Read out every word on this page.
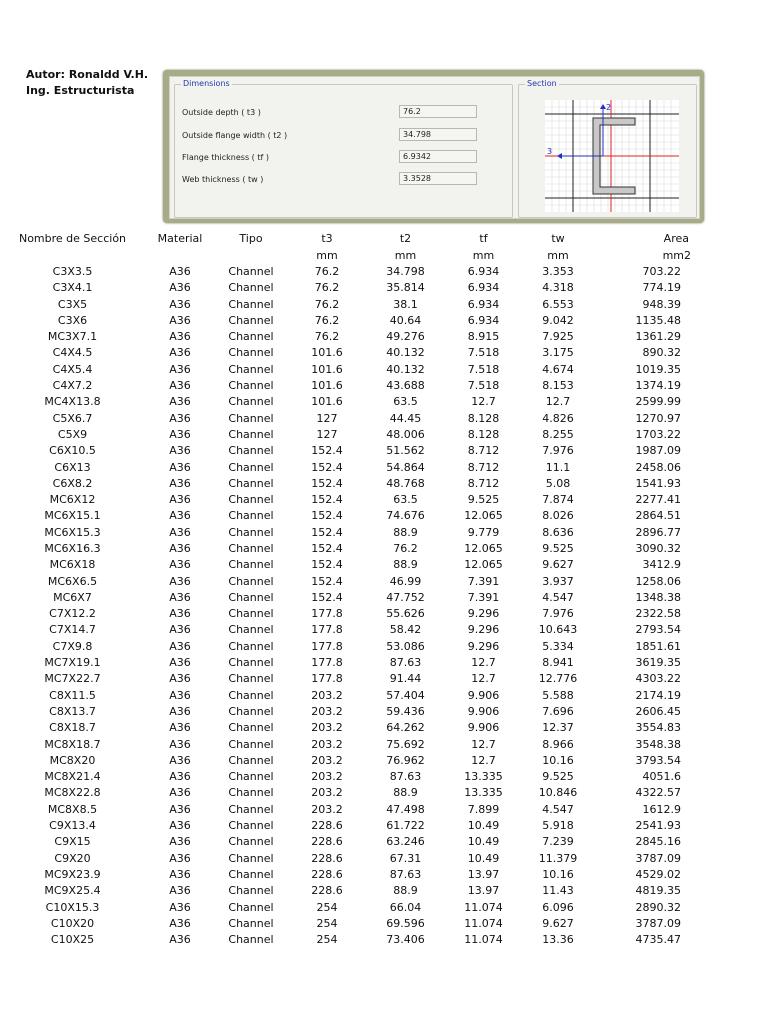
Autor: Ronaldd V.H.
Ing. Estructurista
Dimensions
Outside depth ( t3 )	76.2
Outside flange width ( t2 )	34.798
Flange thickness ( tf )	6.9342
Web thickness ( tw )	3.3528
Section
2
3
Nombre de Sección	Material	Tipo	t3	t2	tf	tw	Area
			mm	mm	mm	mm	mm2
C3X3.5	A36	Channel	76.2	34.798	6.934	3.353	703.22
C3X4.1	A36	Channel	76.2	35.814	6.934	4.318	774.19
C3X5	A36	Channel	76.2	38.1	6.934	6.553	948.39
C3X6	A36	Channel	76.2	40.64	6.934	9.042	1135.48
MC3X7.1	A36	Channel	76.2	49.276	8.915	7.925	1361.29
C4X4.5	A36	Channel	101.6	40.132	7.518	3.175	890.32
C4X5.4	A36	Channel	101.6	40.132	7.518	4.674	1019.35
C4X7.2	A36	Channel	101.6	43.688	7.518	8.153	1374.19
MC4X13.8	A36	Channel	101.6	63.5	12.7	12.7	2599.99
C5X6.7	A36	Channel	127	44.45	8.128	4.826	1270.97
C5X9	A36	Channel	127	48.006	8.128	8.255	1703.22
C6X10.5	A36	Channel	152.4	51.562	8.712	7.976	1987.09
C6X13	A36	Channel	152.4	54.864	8.712	11.1	2458.06
C6X8.2	A36	Channel	152.4	48.768	8.712	5.08	1541.93
MC6X12	A36	Channel	152.4	63.5	9.525	7.874	2277.41
MC6X15.1	A36	Channel	152.4	74.676	12.065	8.026	2864.51
MC6X15.3	A36	Channel	152.4	88.9	9.779	8.636	2896.77
MC6X16.3	A36	Channel	152.4	76.2	12.065	9.525	3090.32
MC6X18	A36	Channel	152.4	88.9	12.065	9.627	3412.9
MC6X6.5	A36	Channel	152.4	46.99	7.391	3.937	1258.06
MC6X7	A36	Channel	152.4	47.752	7.391	4.547	1348.38
C7X12.2	A36	Channel	177.8	55.626	9.296	7.976	2322.58
C7X14.7	A36	Channel	177.8	58.42	9.296	10.643	2793.54
C7X9.8	A36	Channel	177.8	53.086	9.296	5.334	1851.61
MC7X19.1	A36	Channel	177.8	87.63	12.7	8.941	3619.35
MC7X22.7	A36	Channel	177.8	91.44	12.7	12.776	4303.22
C8X11.5	A36	Channel	203.2	57.404	9.906	5.588	2174.19
C8X13.7	A36	Channel	203.2	59.436	9.906	7.696	2606.45
C8X18.7	A36	Channel	203.2	64.262	9.906	12.37	3554.83
MC8X18.7	A36	Channel	203.2	75.692	12.7	8.966	3548.38
MC8X20	A36	Channel	203.2	76.962	12.7	10.16	3793.54
MC8X21.4	A36	Channel	203.2	87.63	13.335	9.525	4051.6
MC8X22.8	A36	Channel	203.2	88.9	13.335	10.846	4322.57
MC8X8.5	A36	Channel	203.2	47.498	7.899	4.547	1612.9
C9X13.4	A36	Channel	228.6	61.722	10.49	5.918	2541.93
C9X15	A36	Channel	228.6	63.246	10.49	7.239	2845.16
C9X20	A36	Channel	228.6	67.31	10.49	11.379	3787.09
MC9X23.9	A36	Channel	228.6	87.63	13.97	10.16	4529.02
MC9X25.4	A36	Channel	228.6	88.9	13.97	11.43	4819.35
C10X15.3	A36	Channel	254	66.04	11.074	6.096	2890.32
C10X20	A36	Channel	254	69.596	11.074	9.627	3787.09
C10X25	A36	Channel	254	73.406	11.074	13.36	4735.47
